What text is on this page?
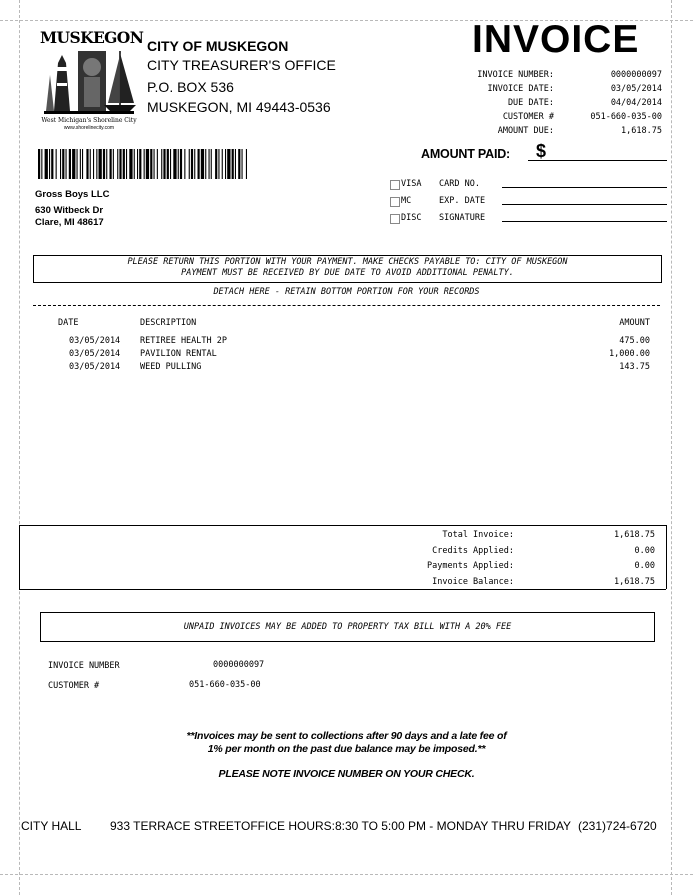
MUSKEGON
West Michigan's Shoreline City
www.shorelinecity.com
CITY OF MUSKEGON
CITY TREASURER'S OFFICE
P.O. BOX 536
MUSKEGON, MI 49443-0536
INVOICE
INVOICE NUMBER:	0000000097
INVOICE DATE:	03/05/2014
DUE DATE:	04/04/2014
CUSTOMER #	051-660-035-00
AMOUNT DUE:	1,618.75
AMOUNT PAID: $
Gross Boys LLC
630 Witbeck Dr
Clare, MI 48617
VISA CARD NO.
MC	EXP. DATE
DISC SIGNATURE
PLEASE RETURN THIS PORTION WITH YOUR PAYMENT. MAKE CHECKS PAYABLE TO: CITY OF MUSKEGON
PAYMENT MUST BE RECEIVED BY DUE DATE TO AVOID ADDITIONAL PENALTY.
DETACH HERE - RETAIN BOTTOM PORTION FOR YOUR RECORDS
DATE	DESCRIPTION	AMOUNT
03/05/2014 RETIREE HEALTH 2P	475.00
03/05/2014 PAVILION RENTAL	1,000.00
03/05/2014 WEED PULLING	143.75
Total Invoice:	1,618.75
Credits Applied:	0.00
Payments Applied:	0.00
Invoice Balance:	1,618.75
UNPAID INVOICES MAY BE ADDED TO PROPERTY TAX BILL WITH A 20% FEE
INVOICE NUMBER	0000000097
CUSTOMER #	051-660-035-00
**Invoices may be sent to collections after 90 days and a late fee of
1% per month on the past due balance may be imposed.**
PLEASE NOTE INVOICE NUMBER ON YOUR CHECK.
CITY HALL 933 TERRACE STREET OFFICE HOURS:8:30 TO 5:00 PM - MONDAY THRU FRIDAY (231)724-6720
